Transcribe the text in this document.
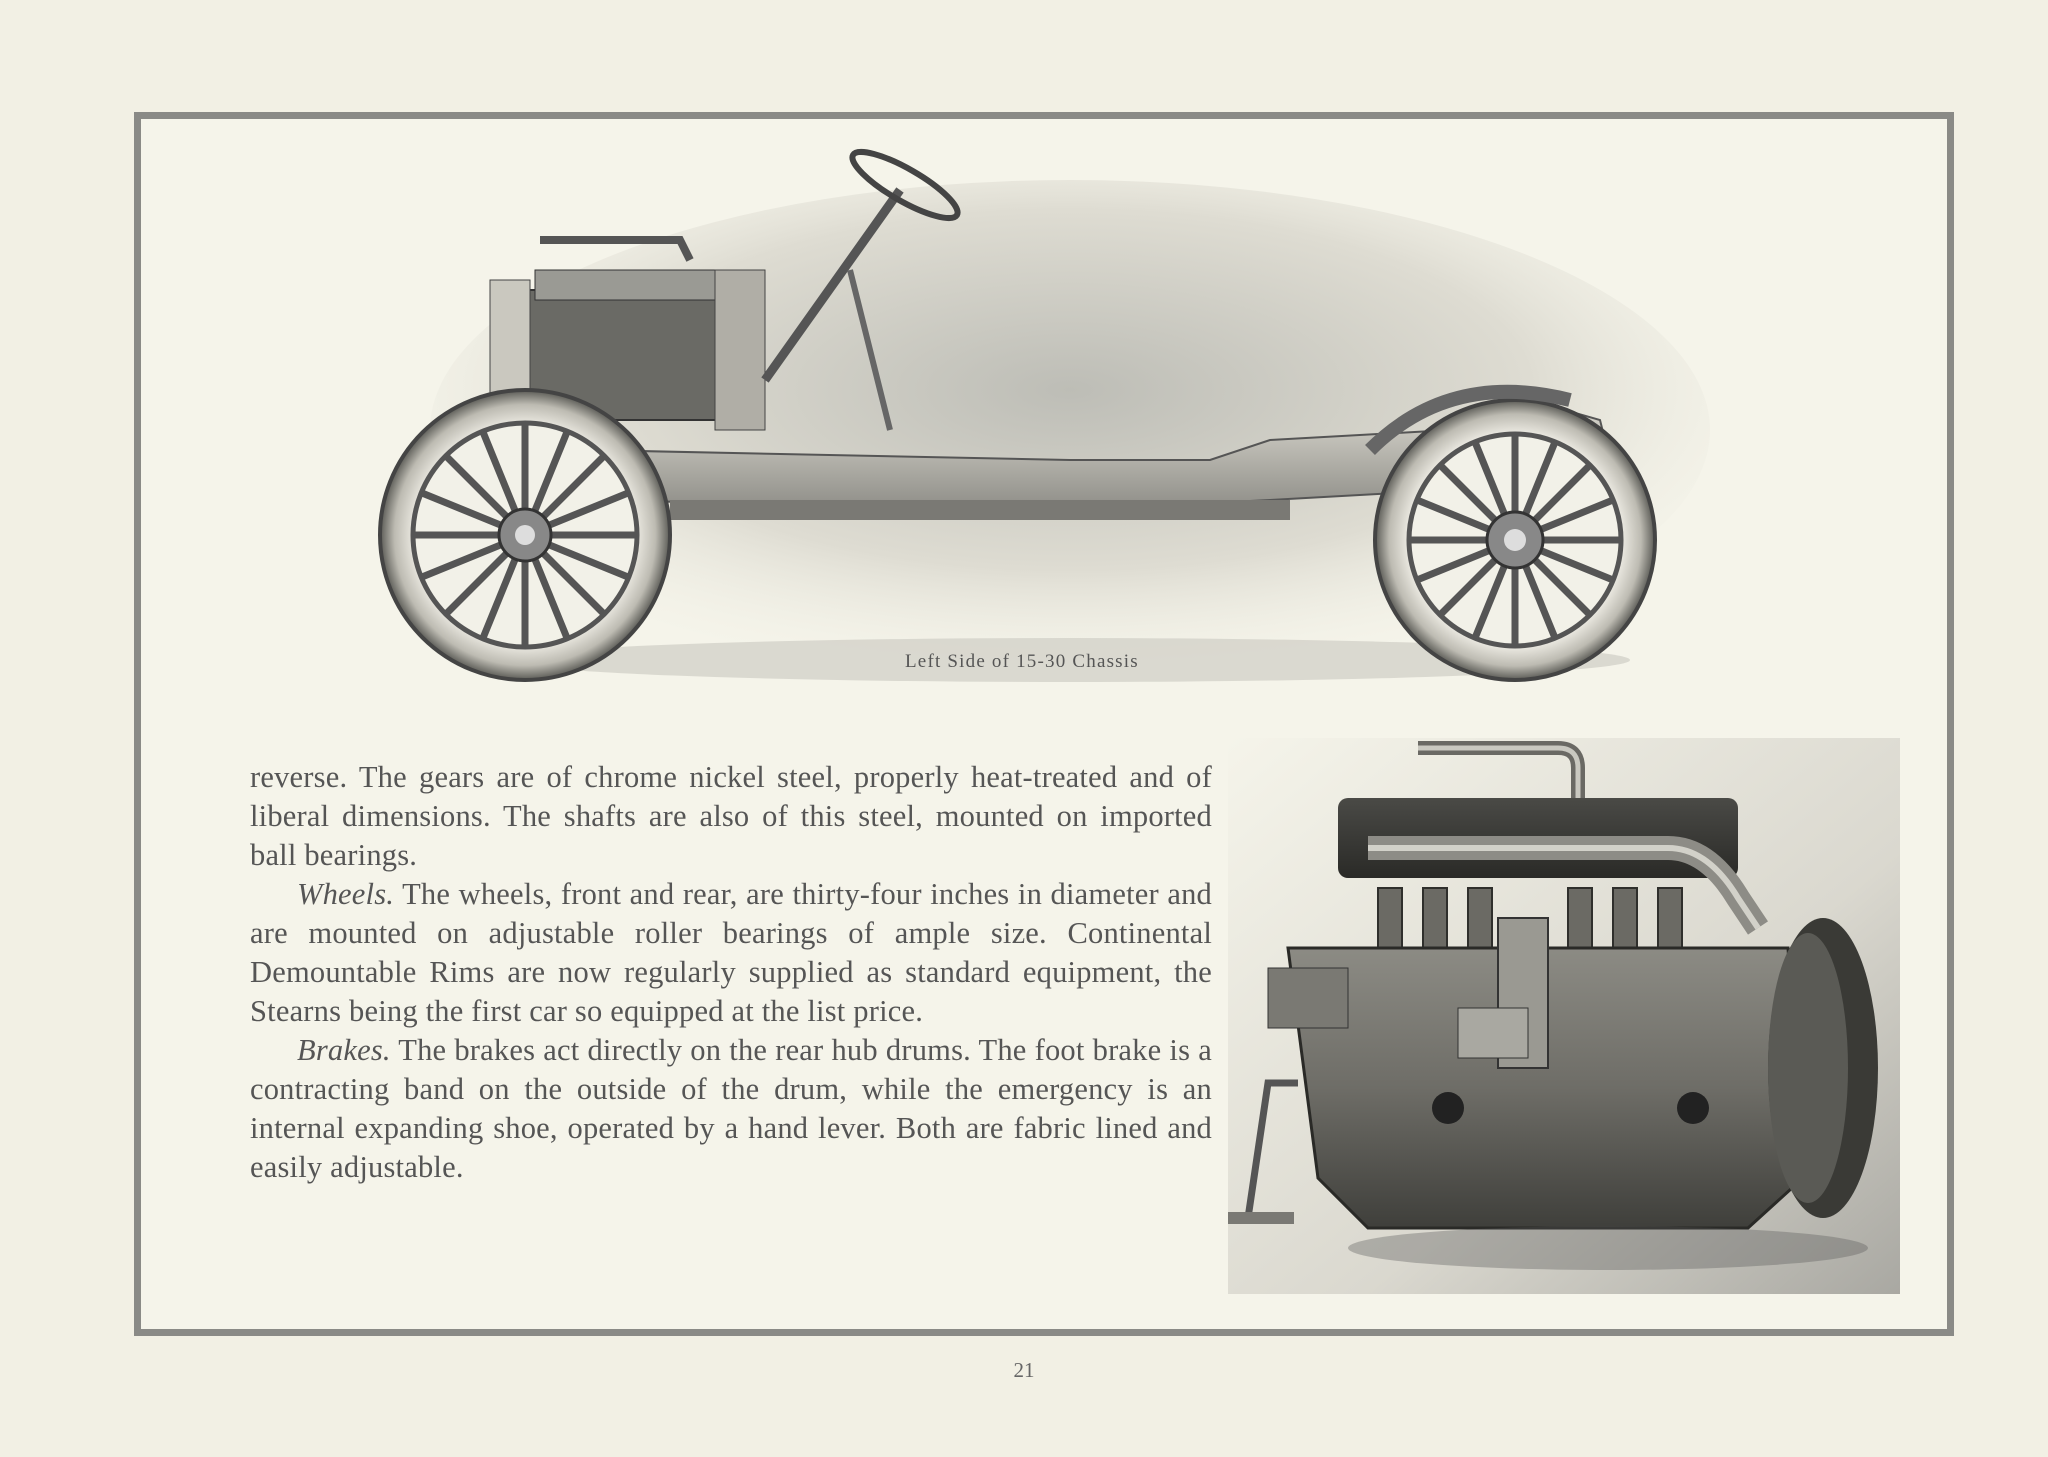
Left Side of 15-30 Chassis

reverse. The gears are of chrome nickel steel, properly heat-treated and of liberal dimensions. The shafts are also of this steel, mounted on imported ball bearings.

Wheels. The wheels, front and rear, are thirty-four inches in diameter and are mounted on adjustable roller bearings of ample size. Continental Demountable Rims are now regularly supplied as standard equipment, the Stearns being the first car so equipped at the list price.

Brakes. The brakes act directly on the rear hub drums. The foot brake is a contracting band on the outside of the drum, while the emergency is an internal expanding shoe, operated by a hand lever. Both are fabric lined and easily adjustable.

21
